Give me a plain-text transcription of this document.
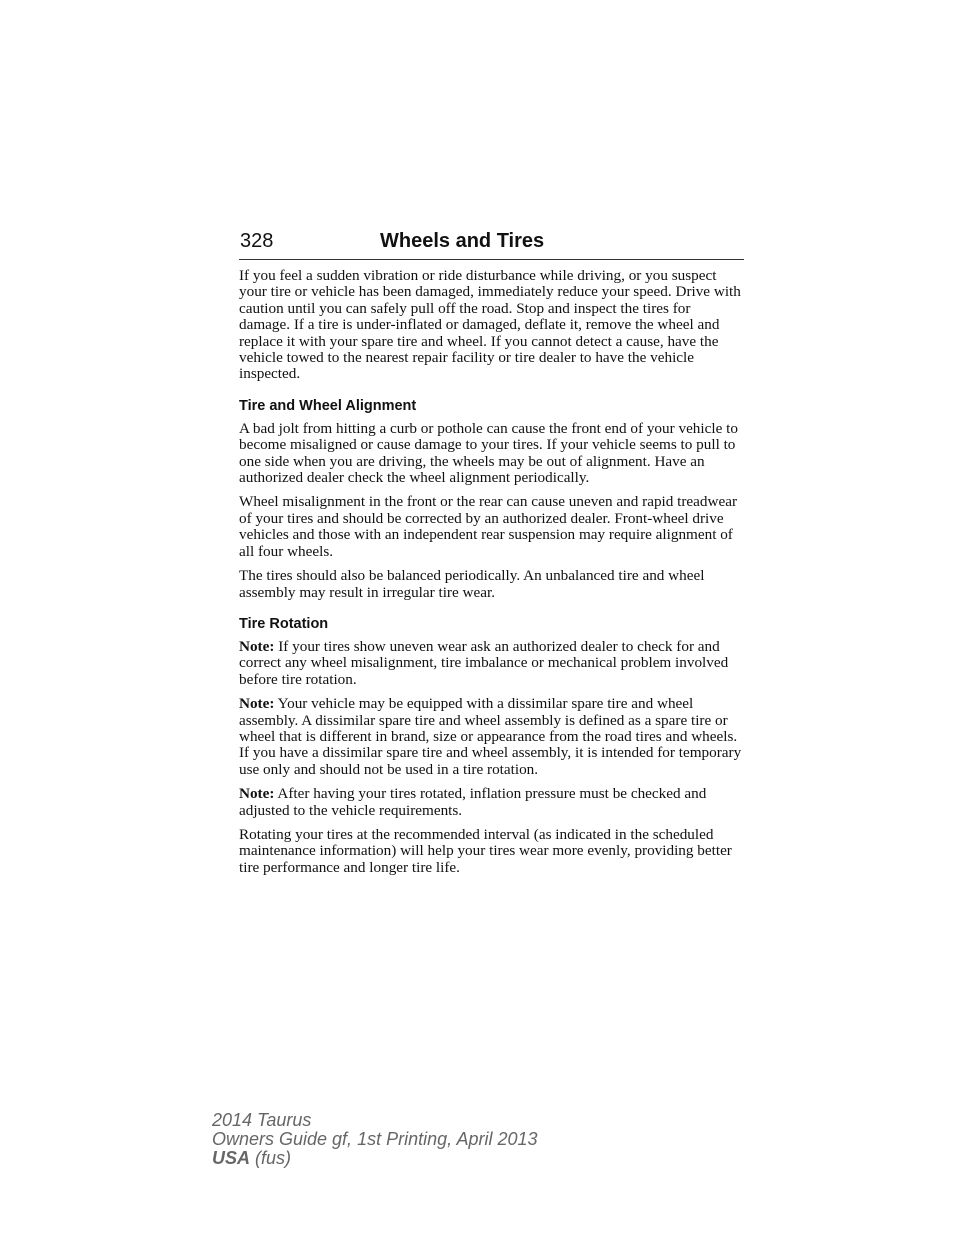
328	Wheels and Tires

If you feel a sudden vibration or ride disturbance while driving, or you suspect your tire or vehicle has been damaged, immediately reduce your speed. Drive with caution until you can safely pull off the road. Stop and inspect the tires for damage. If a tire is under-inflated or damaged, deflate it, remove the wheel and replace it with your spare tire and wheel. If you cannot detect a cause, have the vehicle towed to the nearest repair facility or tire dealer to have the vehicle inspected.

Tire and Wheel Alignment

A bad jolt from hitting a curb or pothole can cause the front end of your vehicle to become misaligned or cause damage to your tires. If your vehicle seems to pull to one side when you are driving, the wheels may be out of alignment. Have an authorized dealer check the wheel alignment periodically.

Wheel misalignment in the front or the rear can cause uneven and rapid treadwear of your tires and should be corrected by an authorized dealer. Front-wheel drive vehicles and those with an independent rear suspension may require alignment of all four wheels.

The tires should also be balanced periodically. An unbalanced tire and wheel assembly may result in irregular tire wear.

Tire Rotation

Note: If your tires show uneven wear ask an authorized dealer to check for and correct any wheel misalignment, tire imbalance or mechanical problem involved before tire rotation.

Note: Your vehicle may be equipped with a dissimilar spare tire and wheel assembly. A dissimilar spare tire and wheel assembly is defined as a spare tire or wheel that is different in brand, size or appearance from the road tires and wheels. If you have a dissimilar spare tire and wheel assembly, it is intended for temporary use only and should not be used in a tire rotation.

Note: After having your tires rotated, inflation pressure must be checked and adjusted to the vehicle requirements.

Rotating your tires at the recommended interval (as indicated in the scheduled maintenance information) will help your tires wear more evenly, providing better tire performance and longer tire life.

2014 Taurus
Owners Guide gf, 1st Printing, April 2013
USA (fus)
